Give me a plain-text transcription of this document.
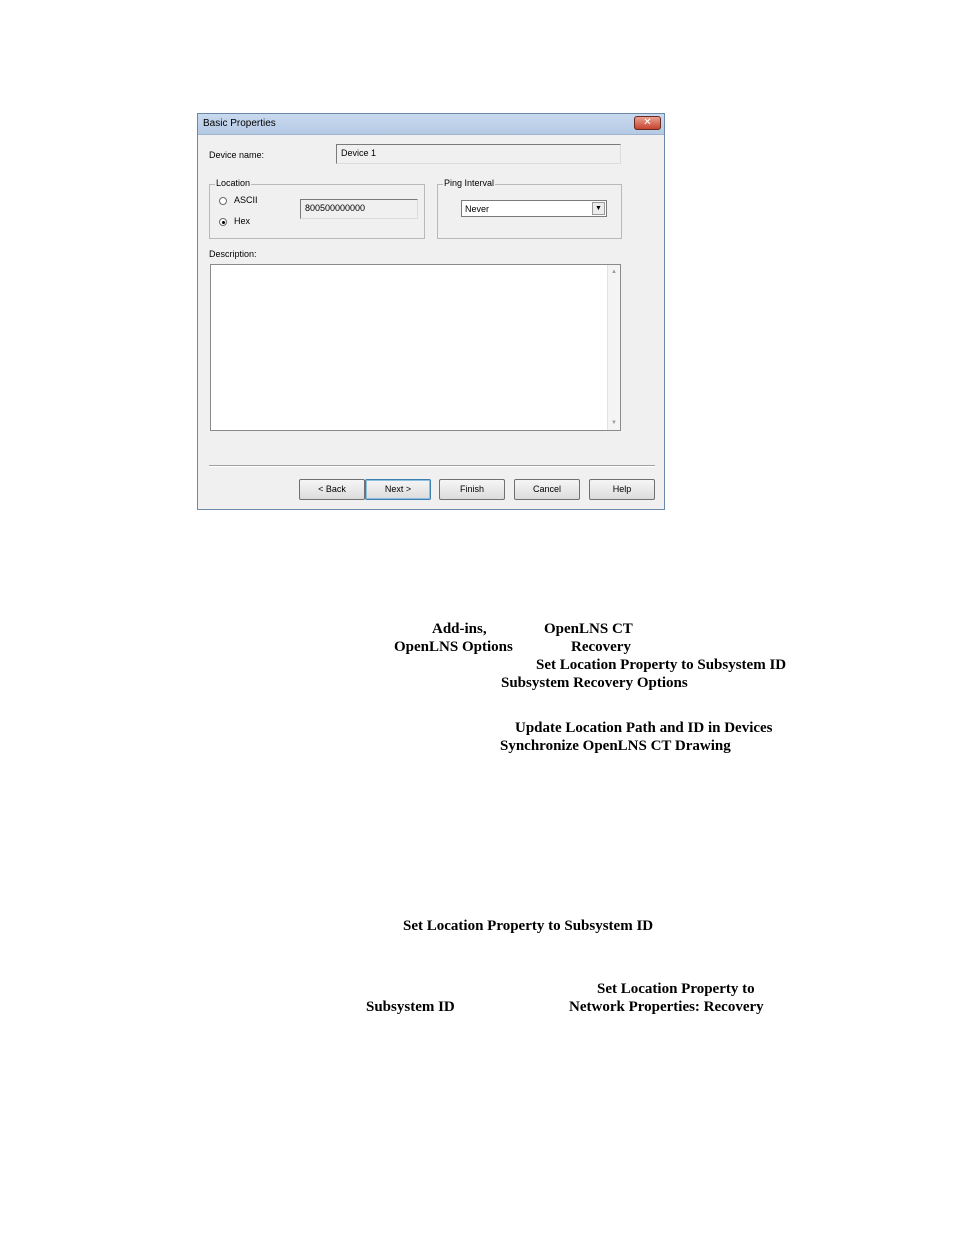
Basic Properties	✕
Device name:	Device 1
Location
ASCII
Hex
800500000000
Ping Interval
Never	▼
Description:
▲
▼
< Back	Next >	Finish	Cancel	Help
Add-ins,	OpenLNS CT
OpenLNS Options	Recovery
Set Location Property to Subsystem ID
Subsystem Recovery Options
Update Location Path and ID in Devices
Synchronize OpenLNS CT Drawing
Set Location Property to Subsystem ID
Set Location Property to
Subsystem ID	Network Properties: Recovery
